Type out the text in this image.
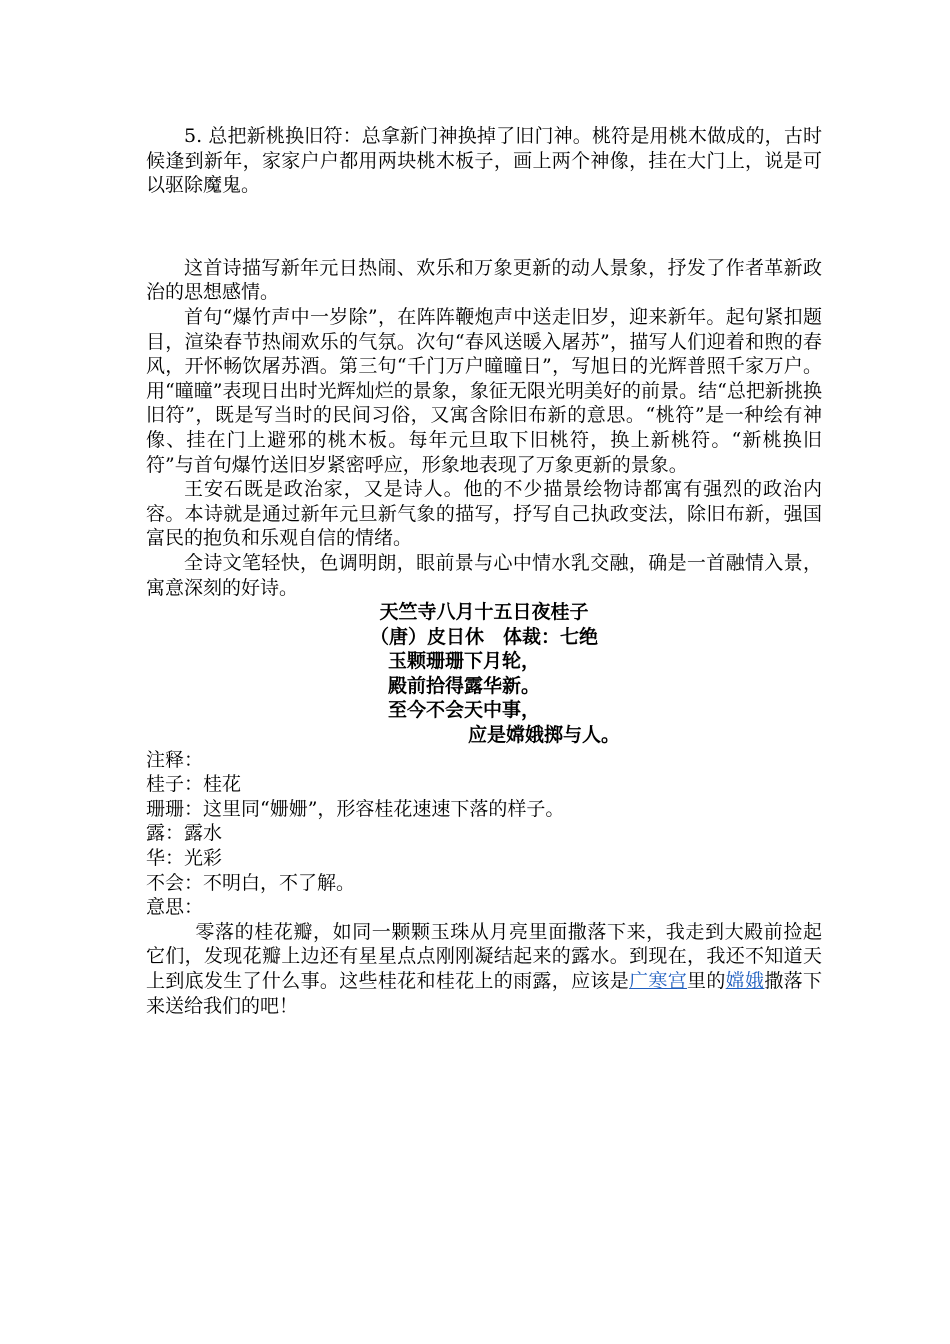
5. 总把新桃换旧符：总拿新门神换掉了旧门神。桃符是用桃木做成的，古时候逢到新年，家家户户都用两块桃木板子，画上两个神像，挂在大门上，说是可以驱除魔鬼。

这首诗描写新年元日热闹、欢乐和万象更新的动人景象，抒发了作者革新政治的思想感情。

首句“爆竹声中一岁除”，在阵阵鞭炮声中送走旧岁，迎来新年。起句紧扣题目，渲染春节热闹欢乐的气氛。次句“春风送暖入屠苏”，描写人们迎着和煦的春风，开怀畅饮屠苏酒。第三句“千门万户曈曈日”，写旭日的光辉普照千家万户。用“曈曈”表现日出时光辉灿烂的景象，象征无限光明美好的前景。结“总把新挑换旧符”，既是写当时的民间习俗，又寓含除旧布新的意思。“桃符”是一种绘有神像、挂在门上避邪的桃木板。每年元旦取下旧桃符，换上新桃符。“新桃换旧符”与首句爆竹送旧岁紧密呼应，形象地表现了万象更新的景象。

王安石既是政治家，又是诗人。他的不少描景绘物诗都寓有强烈的政治内容。本诗就是通过新年元旦新气象的描写，抒写自己执政变法，除旧布新，强国富民的抱负和乐观自信的情绪。

全诗文笔轻快，色调明朗，眼前景与心中情水乳交融，确是一首融情入景，寓意深刻的好诗。

天竺寺八月十五日夜桂子

（唐）皮日休　体裁：七绝

玉颗珊珊下月轮，

殿前拾得露华新。

至今不会天中事，

应是嫦娥掷与人。

注释：

桂子：桂花

珊珊：这里同“姗姗”，形容桂花速速下落的样子。

露：露水

华：光彩

不会：不明白，不了解。

意思：

零落的桂花瓣，如同一颗颗玉珠从月亮里面撒落下来，我走到大殿前捡起它们，发现花瓣上边还有星星点点刚刚凝结起来的露水。到现在，我还不知道天上到底发生了什么事。这些桂花和桂花上的雨露，应该是广寒宫里的嫦娥撒落下来送给我们的吧！
